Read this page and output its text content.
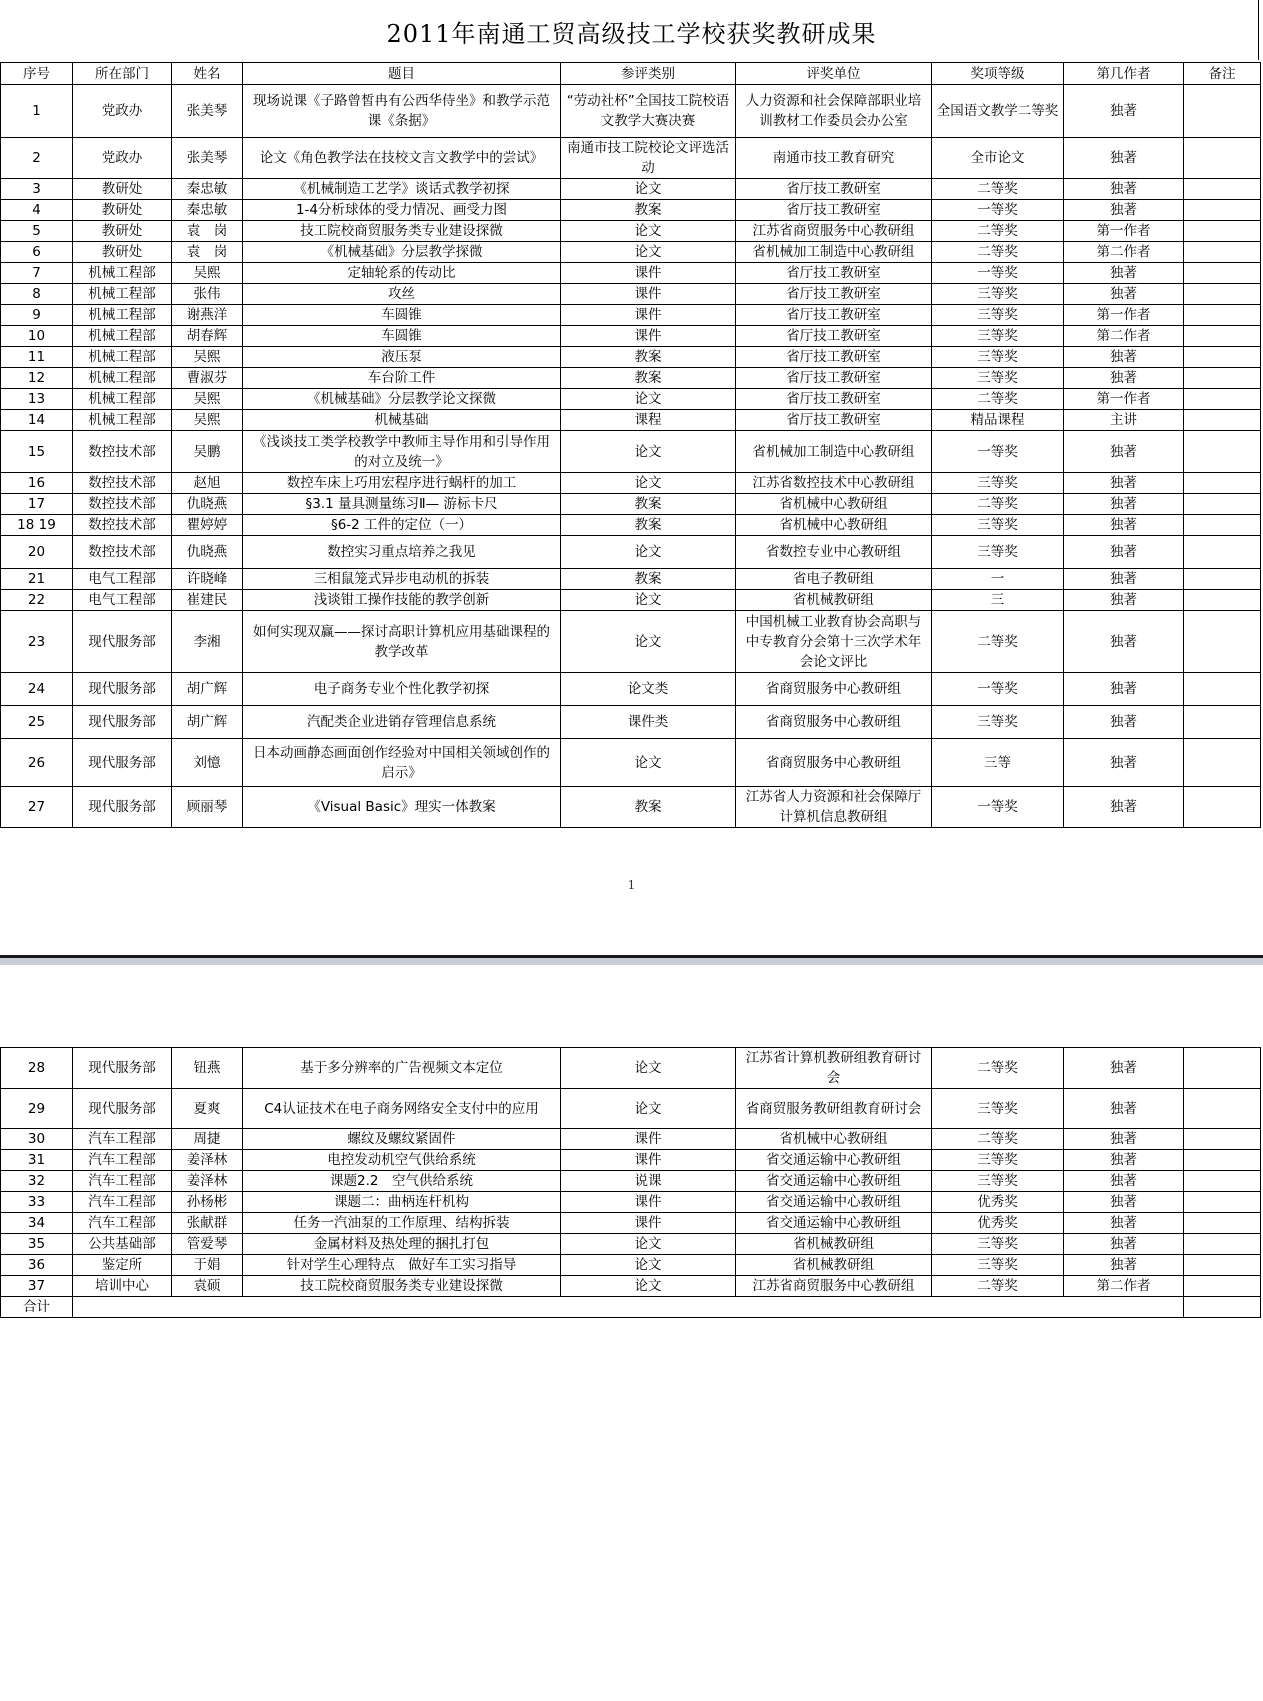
2011年南通工贸高级技工学校获奖教研成果
序号	所在部门	姓名	题目	参评类别	评奖单位	奖项等级	第几作者	备注
1	党政办	张美琴	现场说课《子路曾皙冉有公西华侍坐》和教学示范课《条据》	“劳动社杯”全国技工院校语文教学大赛决赛	人力资源和社会保障部职业培训教材工作委员会办公室	全国语文教学二等奖	独著	
2	党政办	张美琴	论文《角色教学法在技校文言文教学中的尝试》	南通市技工院校论文评选活动	南通市技工教育研究	全市论文	独著	
3	教研处	秦忠敏	《机械制造工艺学》谈话式教学初探	论文	省厅技工教研室	二等奖	独著	
4	教研处	秦忠敏	1-4分析球体的受力情况、画受力图	教案	省厅技工教研室	一等奖	独著	
5	教研处	袁　岗	技工院校商贸服务类专业建设探微	论文	江苏省商贸服务中心教研组	二等奖	第一作者	
6	教研处	袁　岗	《机械基础》分层教学探微	论文	省机械加工制造中心教研组	二等奖	第二作者	
7	机械工程部	吴熙	定轴轮系的传动比	课件	省厅技工教研室	一等奖	独著	
8	机械工程部	张伟	攻丝	课件	省厅技工教研室	三等奖	独著	
9	机械工程部	谢燕洋	车圆锥	课件	省厅技工教研室	三等奖	第一作者	
10	机械工程部	胡春辉	车圆锥	课件	省厅技工教研室	三等奖	第二作者	
11	机械工程部	吴熙	液压泵	教案	省厅技工教研室	三等奖	独著	
12	机械工程部	曹淑芬	车台阶工件	教案	省厅技工教研室	三等奖	独著	
13	机械工程部	吴熙	《机械基础》分层教学论文探微	论文	省厅技工教研室	二等奖	第一作者	
14	机械工程部	吴熙	机械基础	课程	省厅技工教研室	精品课程	主讲	
15	数控技术部	吴鹏	《浅谈技工类学校教学中教师主导作用和引导作用的对立及统一》	论文	省机械加工制造中心教研组	一等奖	独著	
16	数控技术部	赵旭	数控车床上巧用宏程序进行蜗杆的加工	论文	江苏省数控技术中心教研组	三等奖	独著	
17	数控技术部	仇晓燕	§3.1 量具测量练习Ⅱ— 游标卡尺	教案	省机械中心教研组	二等奖	独著	
18 19	数控技术部	瞿婷婷	§6-2 工件的定位（一）	教案	省机械中心教研组	三等奖	独著	
20	数控技术部	仇晓燕	数控实习重点培养之我见	论文	省数控专业中心教研组	三等奖	独著	
21	电气工程部	许晓峰	三相鼠笼式异步电动机的拆装	教案	省电子教研组	一	独著	
22	电气工程部	崔建民	浅谈钳工操作技能的教学创新	论文	省机械教研组	三	独著	
23	现代服务部	李湘	如何实现双赢——探讨高职计算机应用基础课程的教学改革	论文	中国机械工业教育协会高职与中专教育分会第十三次学术年会论文评比	二等奖	独著	
24	现代服务部	胡广辉	电子商务专业个性化教学初探	论文类	省商贸服务中心教研组	一等奖	独著	
25	现代服务部	胡广辉	汽配类企业进销存管理信息系统	课件类	省商贸服务中心教研组	三等奖	独著	
26	现代服务部	刘憶	日本动画静态画面创作经验对中国相关领域创作的启示》	论文	省商贸服务中心教研组	三等	独著	
27	现代服务部	顾丽琴	《Visual Basic》理实一体教案	教案	江苏省人力资源和社会保障厅计算机信息教研组	一等奖	独著	
1
28	现代服务部	钮燕	基于多分辨率的广告视频文本定位	论文	江苏省计算机教研组教育研讨会	二等奖	独著	
29	现代服务部	夏爽	C4认证技术在电子商务网络安全支付中的应用	论文	省商贸服务教研组教育研讨会	三等奖	独著	
30	汽车工程部	周捷	螺纹及螺纹紧固件	课件	省机械中心教研组	二等奖	独著	
31	汽车工程部	姜泽林	电控发动机空气供给系统	课件	省交通运输中心教研组	三等奖	独著	
32	汽车工程部	姜泽林	课题2.2　空气供给系统	说课	省交通运输中心教研组	三等奖	独著	
33	汽车工程部	孙杨彬	课题二：曲柄连杆机构	课件	省交通运输中心教研组	优秀奖	独著	
34	汽车工程部	张献群	任务一汽油泵的工作原理、结构拆装	课件	省交通运输中心教研组	优秀奖	独著	
35	公共基础部	管爱琴	金属材料及热处理的捆扎打包	论文	省机械教研组	三等奖	独著	
36	鉴定所	于娟	针对学生心理特点　做好车工实习指导	论文	省机械教研组	三等奖	独著	
37	培训中心	袁硕	技工院校商贸服务类专业建设探微	论文	江苏省商贸服务中心教研组	二等奖	第二作者	
合计								
